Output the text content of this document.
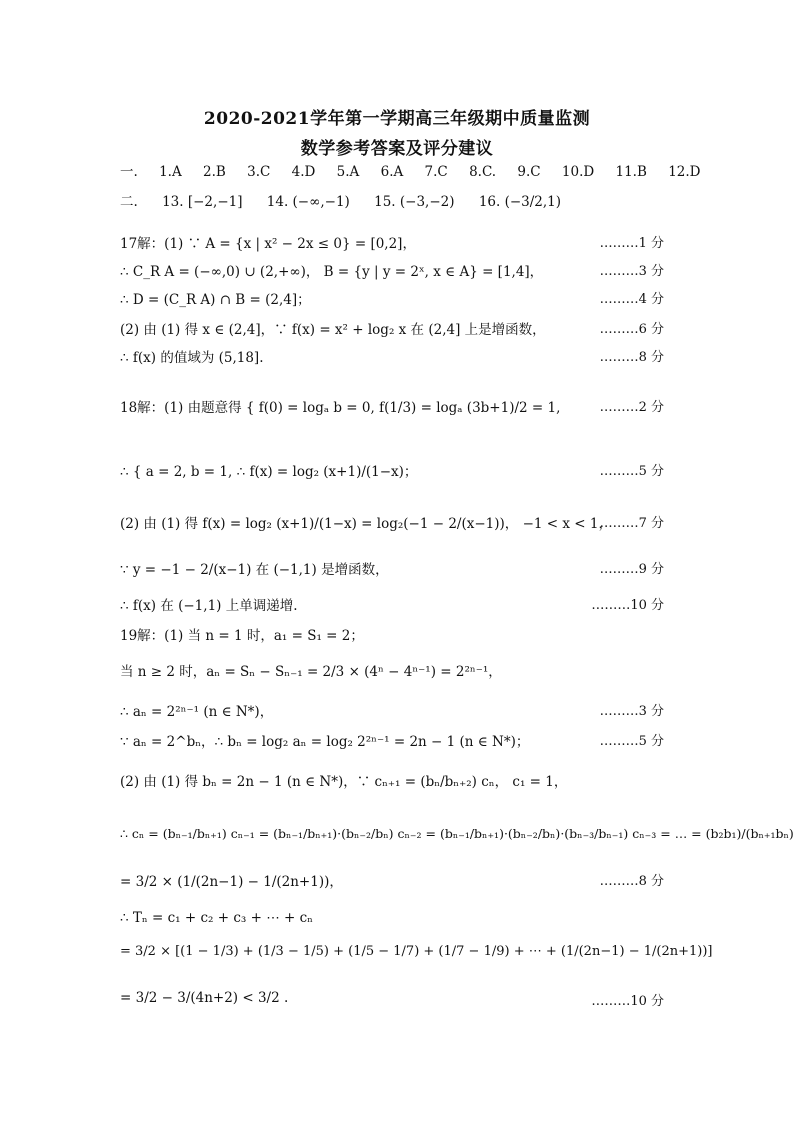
2020-2021学年第一学期高三年级期中质量监测
数学参考答案及评分建议
一. 1.A 2.B 3.C 4.D 5.A 6.A 7.C 8.C. 9.C 10.D 11.B 12.D
二. 13. [−2,−1] 14. (−∞,−1) 15. (−3,−2) 16. (−3/2,1)
17解：(1) ∵ A = {x | x² − 2x ≤ 0} = [0,2]，	………1 分
∴ C_R A = (−∞,0) ∪ (2,+∞)， B = {y | y = 2ˣ, x ∈ A} = [1,4]，	………3 分
∴ D = (C_R A) ∩ B = (2,4]；	………4 分
(2) 由 (1) 得 x ∈ (2,4]，∵ f(x) = x² + log₂ x 在 (2,4] 上是增函数，	………6 分
∴ f(x) 的值域为 (5,18].	………8 分
18解：(1) 由题意得 { f(0) = logₐ b = 0, f(1/3) = logₐ (3b+1)/2 = 1,	………2 分
∴ { a = 2, b = 1, ∴ f(x) = log₂ (x+1)/(1−x)；	………5 分
(2) 由 (1) 得 f(x) = log₂ (x+1)/(1−x) = log₂(−1 − 2/(x−1))， −1 < x < 1，
………7 分
∵ y = −1 − 2/(x−1) 在 (−1,1) 是增函数，	………9 分
∴ f(x) 在 (−1,1) 上单调递增.	………10 分
19解：(1) 当 n = 1 时，a₁ = S₁ = 2；
当 n ≥ 2 时，aₙ = Sₙ − Sₙ₋₁ = 2/3 × (4ⁿ − 4ⁿ⁻¹) = 2²ⁿ⁻¹，
∴ aₙ = 2²ⁿ⁻¹ (n ∈ N*)，	………3 分
∵ aₙ = 2^bₙ，∴ bₙ = log₂ aₙ = log₂ 2²ⁿ⁻¹ = 2n − 1 (n ∈ N*)；	………5 分
(2) 由 (1) 得 bₙ = 2n − 1 (n ∈ N*)，∵ cₙ₊₁ = (bₙ/bₙ₊₂) cₙ， c₁ = 1，
∴ cₙ = (bₙ₋₁/bₙ₊₁) cₙ₋₁ = (bₙ₋₁/bₙ₊₁)·(bₙ₋₂/bₙ) cₙ₋₂ = (bₙ₋₁/bₙ₊₁)·(bₙ₋₂/bₙ)·(bₙ₋₃/bₙ₋₁) cₙ₋₃ = … = (b₂b₁)/(bₙ₊₁bₙ)
= 3/2 × (1/(2n−1) − 1/(2n+1))，	………8 分
∴ Tₙ = c₁ + c₂ + c₃ + ⋯ + cₙ
= 3/2 × [(1 − 1/3) + (1/3 − 1/5) + (1/5 − 1/7) + (1/7 − 1/9) + ⋯ + (1/(2n−1) − 1/(2n+1))]
= 3/2 − 3/(4n+2) < 3/2 .	………10 分
